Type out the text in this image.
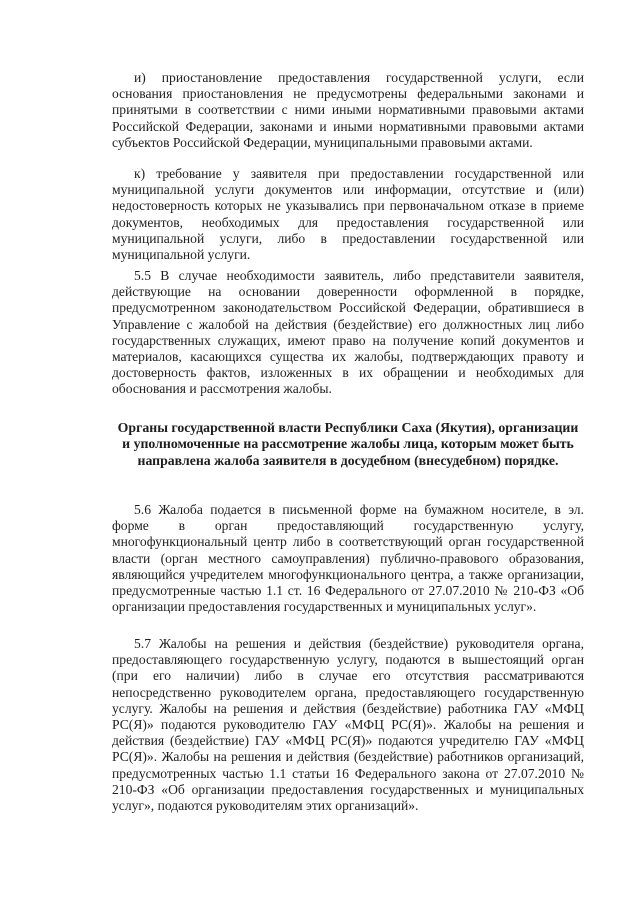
и) приостановление предоставления государственной услуги, если основания приостановления не предусмотрены федеральными законами и принятыми в соответствии с ними иными нормативными правовыми актами Российской Федерации, законами и иными нормативными правовыми актами субъектов Российской Федерации, муниципальными правовыми актами.

к) требование у заявителя при предоставлении государственной или муниципальной услуги документов или информации, отсутствие и (или) недостоверность которых не указывались при первоначальном отказе в приеме документов, необходимых для предоставления государственной или муниципальной услуги, либо в предоставлении государственной или муниципальной услуги.

5.5 В случае необходимости заявитель, либо представители заявителя, действующие на основании доверенности оформленной в порядке, предусмотренном законодательством Российской Федерации, обратившиеся в Управление с жалобой на действия (бездействие) его должностных лиц либо государственных служащих, имеют право на получение копий документов и материалов, касающихся существа их жалобы, подтверждающих правоту и достоверность фактов, изложенных в их обращении и необходимых для обоснования и рассмотрения жалобы.

Органы государственной власти Республики Саха (Якутия), организации и уполномоченные на рассмотрение жалобы лица, которым может быть направлена жалоба заявителя в досудебном (внесудебном) порядке.

5.6 Жалоба подается в письменной форме на бумажном носителе, в эл. форме в орган предоставляющий государственную услугу, многофункциональный центр либо в соответствующий орган государственной власти (орган местного самоуправления) публично-правового образования, являющийся учредителем многофункционального центра, а также организации, предусмотренные частью 1.1 ст. 16 Федерального от 27.07.2010 № 210-ФЗ «Об организации предоставления государственных и муниципальных услуг».

5.7 Жалобы на решения и действия (бездействие) руководителя органа, предоставляющего государственную услугу, подаются в вышестоящий орган (при его наличии) либо в случае его отсутствия рассматриваются непосредственно руководителем органа, предоставляющего государственную услугу. Жалобы на решения и действия (бездействие) работника ГАУ «МФЦ РС(Я)» подаются руководителю ГАУ «МФЦ РС(Я)». Жалобы на решения и действия (бездействие) ГАУ «МФЦ РС(Я)» подаются учредителю ГАУ «МФЦ РС(Я)». Жалобы на решения и действия (бездействие) работников организаций, предусмотренных частью 1.1 статьи 16 Федерального закона от 27.07.2010 № 210-ФЗ «Об организации предоставления государственных и муниципальных услуг», подаются руководителям этих организаций».
